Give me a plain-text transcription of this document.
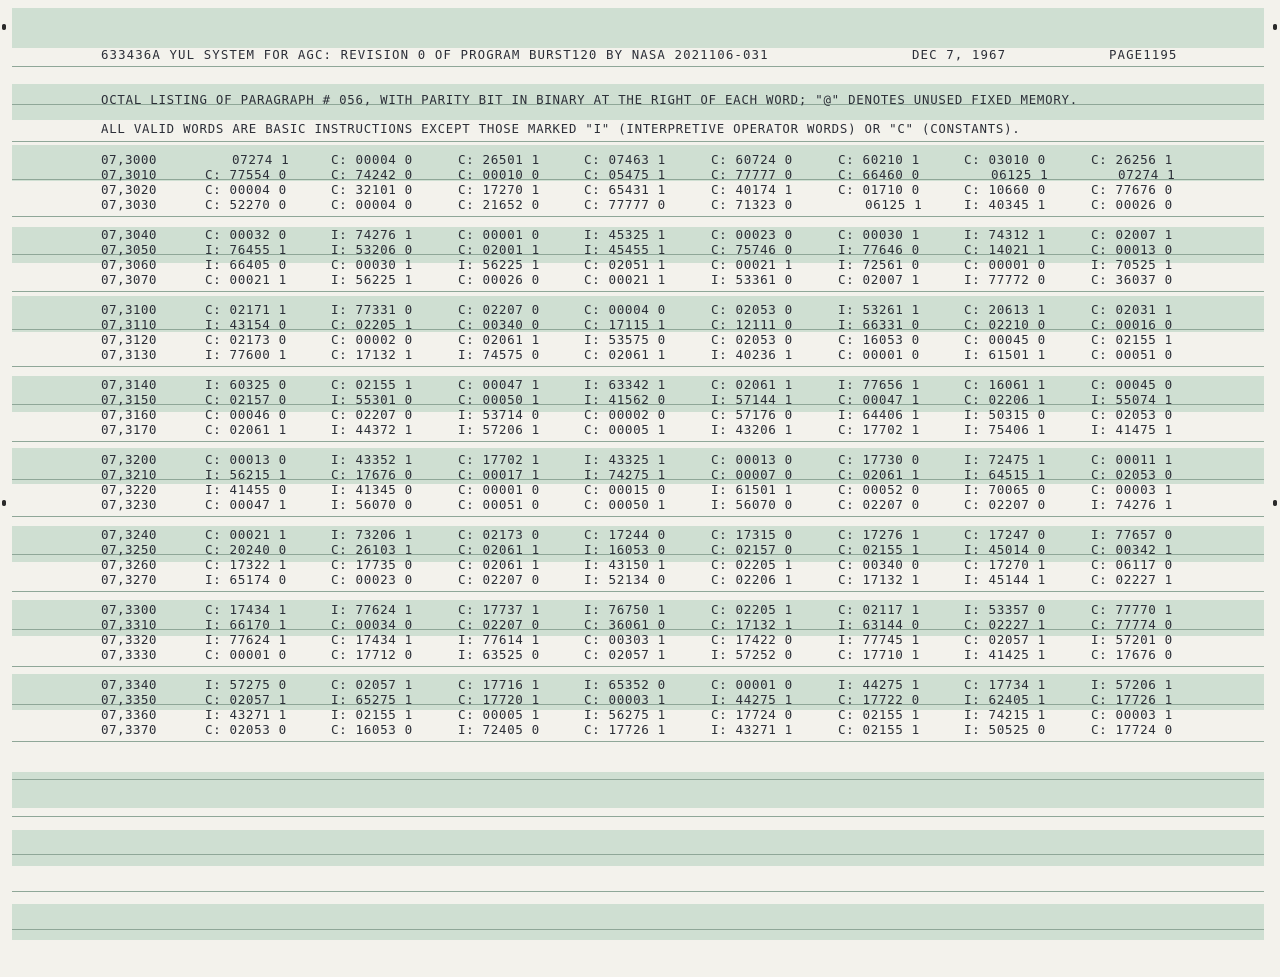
633436A YUL SYSTEM FOR AGC: REVISION 0 OF PROGRAM BURST120 BY NASA 2021106-031	DEC 7, 1967	PAGE1195
OCTAL LISTING OF PARAGRAPH # 056, WITH PARITY BIT IN BINARY AT THE RIGHT OF EACH WORD; "@" DENOTES UNUSED FIXED MEMORY.
ALL VALID WORDS ARE BASIC INSTRUCTIONS EXCEPT THOSE MARKED "I" (INTERPRETIVE OPERATOR WORDS) OR "C" (CONSTANTS).
07,3000	07274 1	C: 00004 0	C: 26501 1	C: 07463 1	C: 60724 0	C: 60210 1	C: 03010 0	C: 26256 1
07,3010	C: 77554 0	C: 74242 0	C: 00010 0	C: 05475 1	C: 77777 0	C: 66460 0	06125 1	07274 1
07,3020	C: 00004 0	C: 32101 0	C: 17270 1	C: 65431 1	C: 40174 1	C: 01710 0	C: 10660 0	C: 77676 0
07,3030	C: 52270 0	C: 00004 0	C: 21652 0	C: 77777 0	C: 71323 0	06125 1	I: 40345 1	C: 00026 0
07,3040	C: 00032 0	I: 74276 1	C: 00001 0	I: 45325 1	C: 00023 0	C: 00030 1	I: 74312 1	C: 02007 1
07,3050	I: 76455 1	I: 53206 0	C: 02001 1	I: 45455 1	C: 75746 0	I: 77646 0	C: 14021 1	C: 00013 0
07,3060	I: 66405 0	C: 00030 1	I: 56225 1	C: 02051 1	C: 00021 1	I: 72561 0	C: 00001 0	I: 70525 1
07,3070	C: 00021 1	I: 56225 1	C: 00026 0	C: 00021 1	I: 53361 0	C: 02007 1	I: 77772 0	C: 36037 0
07,3100	C: 02171 1	I: 77331 0	C: 02207 0	C: 00004 0	C: 02053 0	I: 53261 1	C: 20613 1	C: 02031 1
07,3110	I: 43154 0	C: 02205 1	C: 00340 0	C: 17115 1	C: 12111 0	I: 66331 0	C: 02210 0	C: 00016 0
07,3120	C: 02173 0	C: 00002 0	C: 02061 1	I: 53575 0	C: 02053 0	C: 16053 0	C: 00045 0	C: 02155 1
07,3130	I: 77600 1	C: 17132 1	I: 74575 0	C: 02061 1	I: 40236 1	C: 00001 0	I: 61501 1	C: 00051 0
07,3140	I: 60325 0	C: 02155 1	C: 00047 1	I: 63342 1	C: 02061 1	I: 77656 1	C: 16061 1	C: 00045 0
07,3150	C: 02157 0	I: 55301 0	C: 00050 1	I: 41562 0	I: 57144 1	C: 00047 1	C: 02206 1	I: 55074 1
07,3160	C: 00046 0	C: 02207 0	I: 53714 0	C: 00002 0	C: 57176 0	I: 64406 1	I: 50315 0	C: 02053 0
07,3170	C: 02061 1	I: 44372 1	I: 57206 1	C: 00005 1	I: 43206 1	C: 17702 1	I: 75406 1	I: 41475 1
07,3200	C: 00013 0	I: 43352 1	C: 17702 1	I: 43325 1	C: 00013 0	C: 17730 0	I: 72475 1	C: 00011 1
07,3210	I: 56215 1	C: 17676 0	C: 00017 1	I: 74275 1	C: 00007 0	C: 02061 1	I: 64515 1	C: 02053 0
07,3220	I: 41455 0	I: 41345 0	C: 00001 0	C: 00015 0	I: 61501 1	C: 00052 0	I: 70065 0	C: 00003 1
07,3230	C: 00047 1	I: 56070 0	C: 00051 0	C: 00050 1	I: 56070 0	C: 02207 0	C: 02207 0	I: 74276 1
07,3240	C: 00021 1	I: 73206 1	C: 02173 0	C: 17244 0	C: 17315 0	C: 17276 1	C: 17247 0	I: 77657 0
07,3250	C: 20240 0	C: 26103 1	C: 02061 1	I: 16053 0	C: 02157 0	C: 02155 1	I: 45014 0	C: 00342 1
07,3260	C: 17322 1	C: 17735 0	C: 02061 1	I: 43150 1	C: 02205 1	C: 00340 0	C: 17270 1	C: 06117 0
07,3270	I: 65174 0	C: 00023 0	C: 02207 0	I: 52134 0	C: 02206 1	C: 17132 1	I: 45144 1	C: 02227 1
07,3300	C: 17434 1	I: 77624 1	C: 17737 1	I: 76750 1	C: 02205 1	C: 02117 1	I: 53357 0	C: 77770 1
07,3310	I: 66170 1	C: 00034 0	C: 02207 0	C: 36061 0	C: 17132 1	I: 63144 0	C: 02227 1	C: 77774 0
07,3320	I: 77624 1	C: 17434 1	I: 77614 1	C: 00303 1	C: 17422 0	I: 77745 1	C: 02057 1	I: 57201 0
07,3330	C: 00001 0	C: 17712 0	I: 63525 0	C: 02057 1	I: 57252 0	C: 17710 1	I: 41425 1	C: 17676 0
07,3340	I: 57275 0	C: 02057 1	C: 17716 1	I: 65352 0	C: 00001 0	I: 44275 1	C: 17734 1	I: 57206 1
07,3350	C: 02057 1	I: 65275 1	C: 17720 1	C: 00003 1	I: 44275 1	C: 17722 0	I: 62405 1	C: 17726 1
07,3360	I: 43271 1	I: 02155 1	C: 00005 1	I: 56275 1	C: 17724 0	C: 02155 1	I: 74215 1	C: 00003 1
07,3370	C: 02053 0	C: 16053 0	I: 72405 0	C: 17726 1	I: 43271 1	C: 02155 1	I: 50525 0	C: 17724 0
